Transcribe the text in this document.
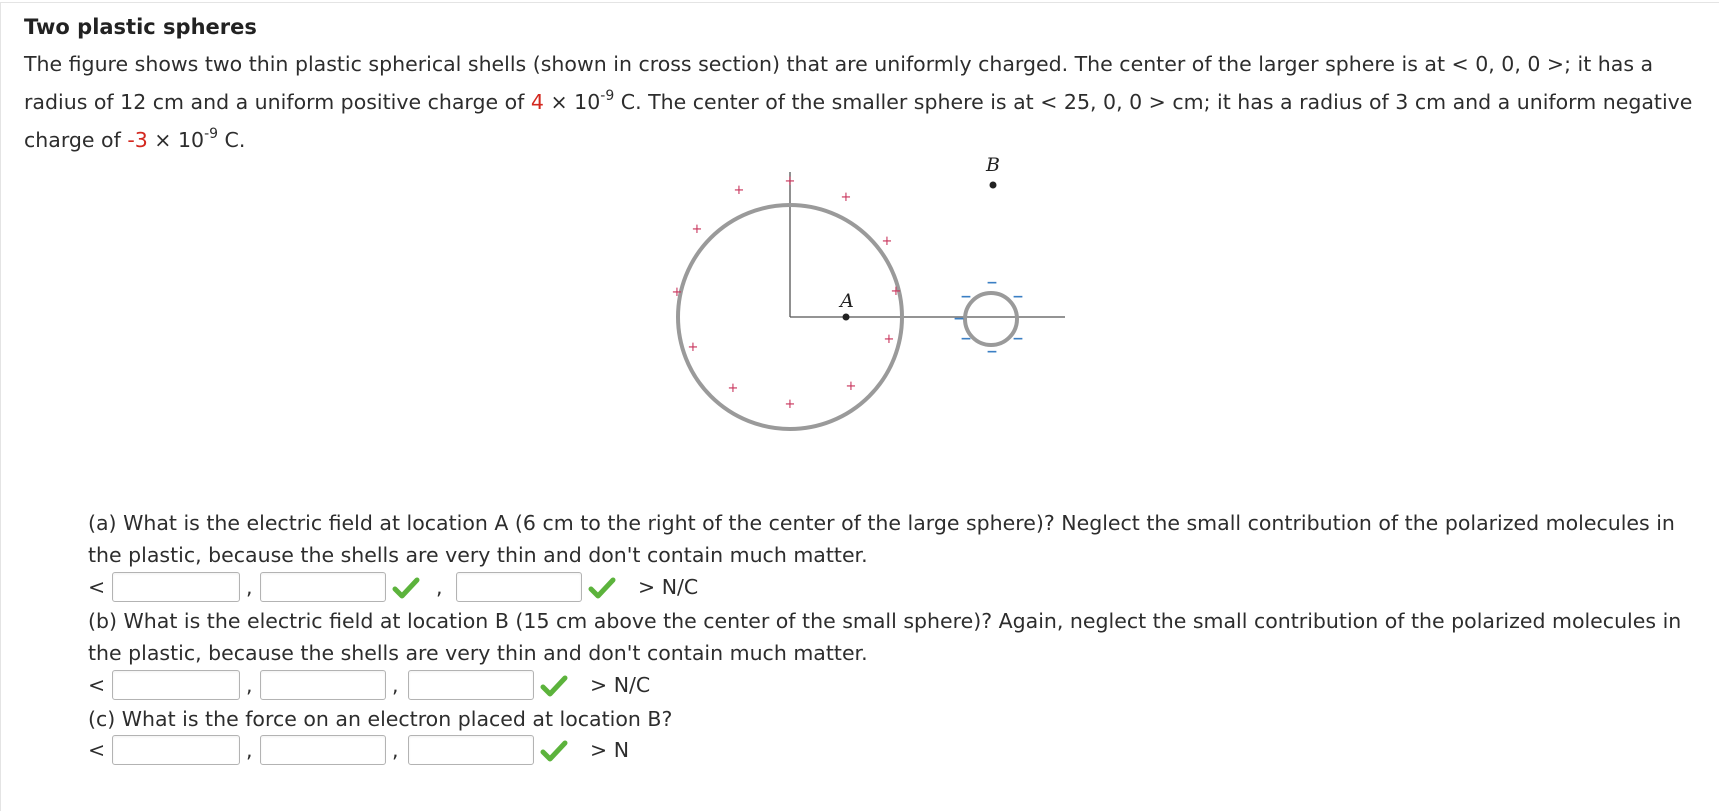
Two plastic spheres
The figure shows two thin plastic spherical shells (shown in cross section) that are uniformly charged. The center of the larger sphere is at < 0, 0, 0 >; it has a radius of 12 cm and a uniform positive charge of $4 \times 10^{-9}$ C. The center of the smaller sphere is at < 25, 0, 0 > cm; it has a radius of 3 cm and a uniform negative charge of $-3 \times 10^{-9}$ C.
+
+	+
+
+
+	+
+
+
+	+
+
−
−	−
−
−	−
−
A
B
(a) What is the electric field at location A (6 cm to the right of the center of the large sphere)? Neglect the small contribution of the polarized molecules in the plastic, because the shells are very thin and don't contain much matter.
<	,	,	> N/C
(b) What is the electric field at location B (15 cm above the center of the small sphere)? Again, neglect the small contribution of the polarized molecules in the plastic, because the shells are very thin and don't contain much matter.
<	,	,	> N/C
(c) What is the force on an electron placed at location B?
<	,	,	> N
